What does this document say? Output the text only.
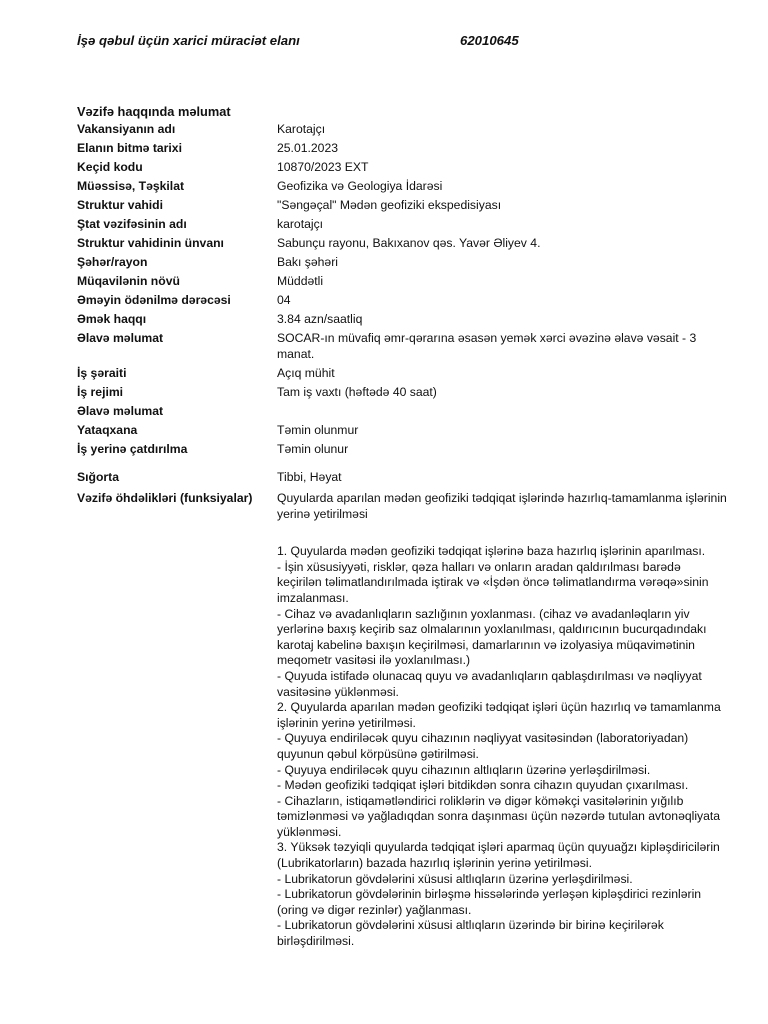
İşə qəbul üçün xarici müraciət elanı	62010645
Vəzifə haqqında məlumat
Vakansiyanın adı	Karotajçı
Elanın bitmə tarixi	25.01.2023
Keçid kodu	10870/2023 EXT
Müəssisə, Təşkilat	Geofizika və Geologiya İdarəsi
Struktur vahidi	"Səngəçal" Mədən geofiziki ekspedisiyası
Ştat vəzifəsinin adı	karotajçı
Struktur vahidinin ünvanı	Sabunçu rayonu, Bakıxanov qəs. Yavər Əliyev 4.
Şəhər/rayon	Bakı şəhəri
Müqavilənin növü	Müddətli
Əməyin ödənilmə dərəcəsi	04
Əmək haqqı	3.84 azn/saatliq
Əlavə məlumat	SOCAR-ın müvafiq əmr-qərarına əsasən yemək xərci əvəzinə əlavə vəsait - 3 manat.
İş şəraiti	Açıq mühit
İş rejimi	Tam iş vaxtı (həftədə 40 saat)
Əlavə məlumat
Yataqxana	Təmin olunmur
İş yerinə çatdırılma	Təmin olunur
Sığorta	Tibbi, Həyat
Vəzifə öhdəlikləri (funksiyalar)	Quyularda aparılan mədən geofiziki tədqiqat işlərində hazırlıq-tamamlanma işlərinin yerinə yetirilməsi
1. Quyularda mədən geofiziki tədqiqat işlərinə baza hazırlıq işlərinin aparılması.
- İşin xüsusiyyəti, risklər, qəza halları və onların aradan qaldırılması barədə keçirilən təlimatlandırılmada iştirak və «İşdən öncə təlimatlandırma vərəqə»sinin imzalanması.
- Cihaz və avadanlıqların sazlığının yoxlanması. (cihaz və avadanləqların yiv yerlərinə baxış keçirib saz olmalarının yoxlanılması, qaldırıcının bucurqadındakı karotaj kabelinə baxışın keçirilməsi, damarlarının və izolyasiya müqavimətinin meqometr vasitəsi ilə yoxlanılması.)
- Quyuda istifadə olunacaq quyu və avadanlıqların qablaşdırılması və nəqliyyat vasitəsinə yüklənməsi.
2. Quyularda aparılan mədən geofiziki tədqiqat işləri üçün hazırlıq və tamamlanma işlərinin yerinə yetirilməsi.
- Quyuya endiriləcək quyu cihazının nəqliyyat vasitəsindən (laboratoriyadan) quyunun qəbul körpüsünə gətirilməsi.
- Quyuya endiriləcək quyu cihazının altlıqların üzərinə yerləşdirilməsi.
- Mədən geofiziki tədqiqat işləri bitdikdən sonra cihazın quyudan çıxarılması.
- Cihazların, istiqamətləndirici roliklərin və digər köməkçi vasitələrinin yığılıb təmizlənməsi və yağladıqdan sonra daşınması üçün nəzərdə tutulan avtonəqliyata yüklənməsi.
3. Yüksək təzyiqli quyularda tədqiqat işləri aparmaq üçün quyuağzı kipləşdiricilərin (Lubrikatorların) bazada hazırlıq işlərinin yerinə yetirilməsi.
- Lubrikatorun gövdələrini xüsusi altlıqların üzərinə yerləşdirilməsi.
- Lubrikatorun gövdələrinin birləşmə hissələrində yerləşən kipləşdirici rezinlərin (oring və digər rezinlər) yağlanması.
- Lubrikatorun gövdələrini xüsusi altlıqların üzərində bir birinə keçirilərək birləşdirilməsi.
